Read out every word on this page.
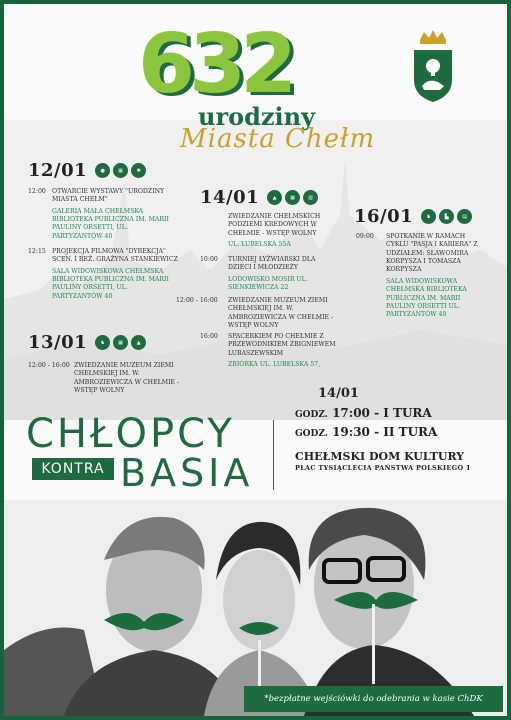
632
urodziny
Miasta Chełm
12/01	●	▦	✱
12:00 OTWARCIE WYSTAWY "URODZINY MIASTA CHEŁM"
GALERIA MAŁA CHEŁMSKA BIBLIOTEKA PUBLICZNA IM. MARII PAULINY ORSETTI, UL. PARTYZANTÓW 40
12:15 PROJEKCJA FILMOWA "DYREKCJA" SCEN. I REŻ. GRAŻYNA STANKIEWICZ
SALA WIDOWISKOWA CHEŁMSKA BIBLIOTEKA PUBLICZNA IM. MARII PAULINY ORSETTI, UL. PARTYZANTÓW 40
14/01	▲	▦	▥
ZWIEDZANIE CHEŁMSKICH PODZIEMI KREDOWYCH W CHEŁMIE - WSTĘP WOLNY
UL. LUBELSKA 55A
10:00 TURNIEJ ŁYŻWIARSKI DLA DZIECI I MŁODZIEŻY
LODOWISKO MOSIR UL. SIENKIEWICZA 22
12:00 - 16:00 ZWIEDZANIE MUZEUM ZIEMI CHEŁMSKIEJ IM. W. AMBROZIEWICZA W CHEŁMIE - WSTĘP WOLNY
16:00 SPACERKIEM PO CHEŁMIE Z PRZEWODNIKIEM ZBIGNIEWEM LUBASZEWSKIM
ZBIÓRKA UL. LUBELSKA 57,
16/01	♞	▙	▤
09:00 SPOTKANIE W RAMACH CYKLU "PASJA I KARIERA" Z UDZIAŁEM: SŁAWOMIRA KORPYSZA I TOMASZA KORPYSZA
SALA WIDOWISKOWA CHEŁMSKA BIBLIOTEKA PUBLICZNA IM. MARII PAULINY ORSETTI UL. PARTYZANTÓW 40
13/01	♞	▦	▲
12:00 - 16:00 ZWIEDZANIE MUZEUM ZIEMI CHEŁMSKIEJ IM. W. AMBROZIEWICZA W CHEŁMIE - WSTĘP WOLNY
CHŁOPCY
KONTRA BASIA
14/01
GODZ. 17:00 - I TURA
GODZ. 19:30 - II TURA
CHEŁMSKI DOM KULTURY
PLAC TYSIĄCLECIA PAŃSTWA POLSKIEGO 1
*bezpłatne wejściówki do odebrania w kasie ChDK
